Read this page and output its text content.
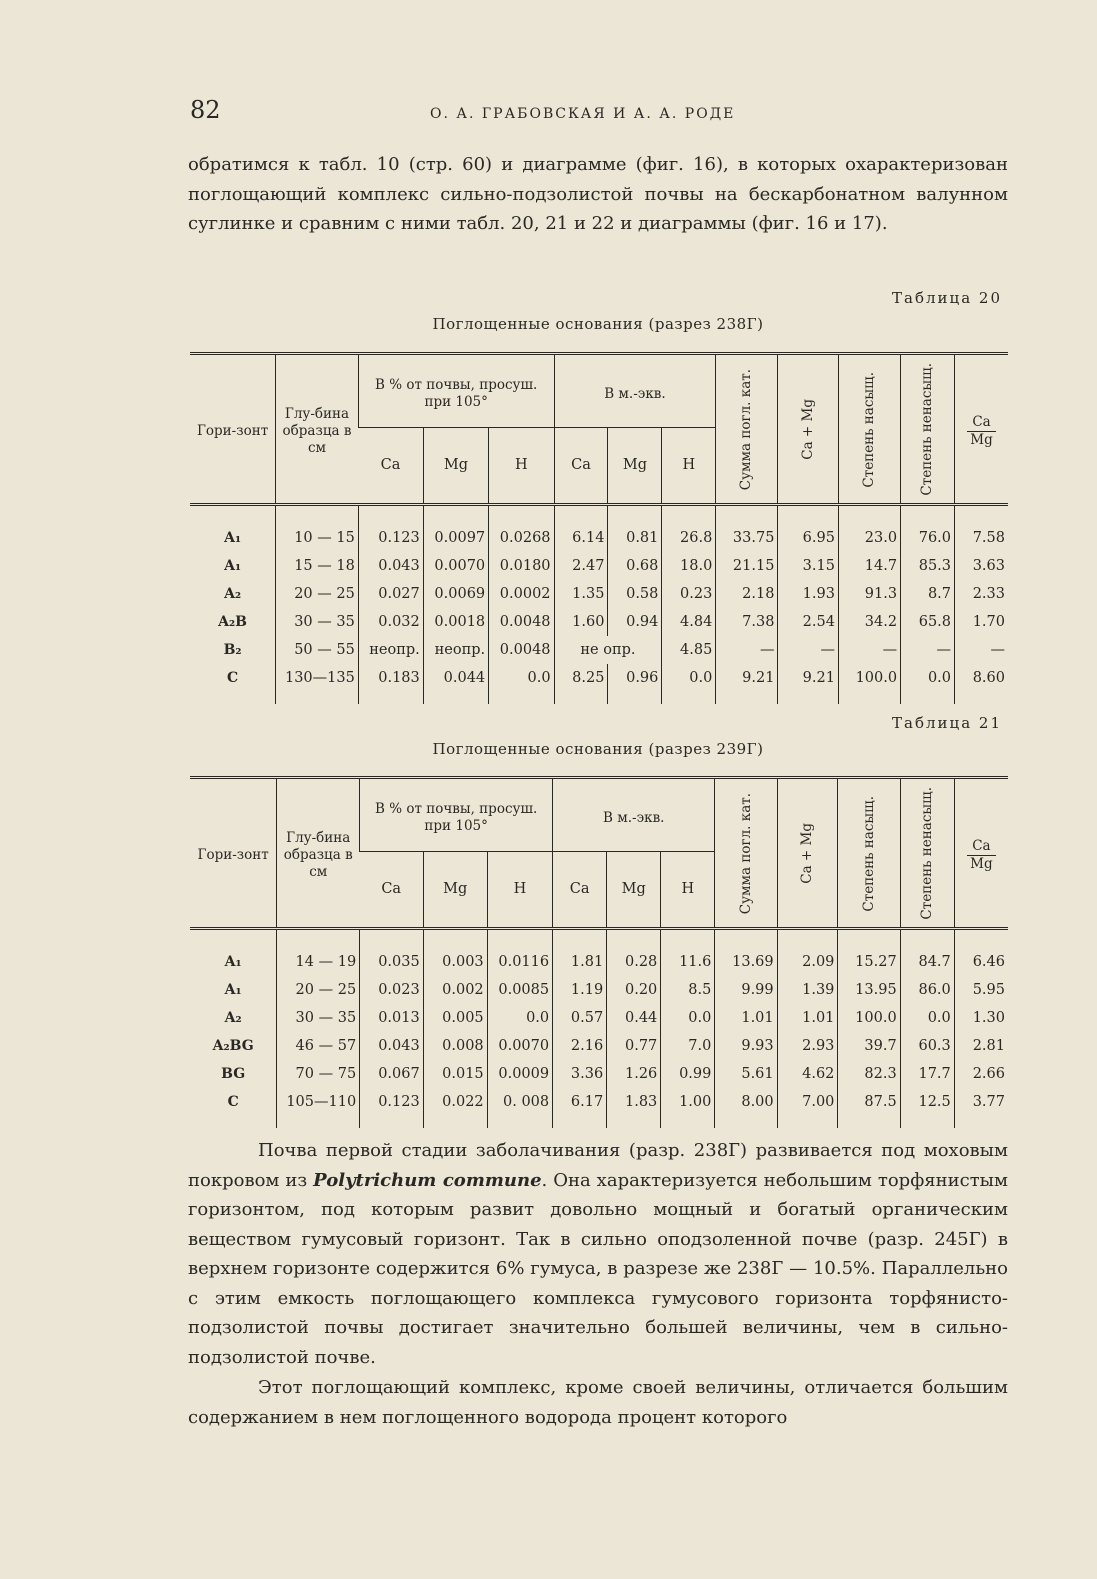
82	О. А. ГРАБОВСКАЯ И А. А. РОДЕ

обратимся к табл. 10 (стр. 60) и диаграмме (фиг. 16), в которых охарактеризован поглощающий комплекс сильно-подзолистой почвы на бескарбонатном валунном суглинке и сравним с ними табл. 20, 21 и 22 и диаграммы (фиг. 16 и 17).

Таблица 20
Поглощенные основания (разрез 238Г)
Гори-зонт	Глу-бина образца в см	В % от почвы, просуш. при 105°			В м.-экв.			Сумма погл. кат.	Ca + Mg	Степень насыщ.	Степень ненасыщ.	Ca
Mg
		Ca	Mg	H	Ca	Mg	H					
A₁	10 — 15	0.123	0.0097	0.0268	6.14	0.81	26.8	33.75	6.95	23.0	76.0	7.58
A₁	15 — 18	0.043	0.0070	0.0180	2.47	0.68	18.0	21.15	3.15	14.7	85.3	3.63
A₂	20 — 25	0.027	0.0069	0.0002	1.35	0.58	0.23	2.18	1.93	91.3	8.7	2.33
A₂B	30 — 35	0.032	0.0018	0.0048	1.60	0.94	4.84	7.38	2.54	34.2	65.8	1.70
B₂	50 — 55	неопр.	неопр.	0.0048	не опр.		4.85	—	—	—	—	—
C	130—135	0.183	0.044	0.0	8.25	0.96	0.0	9.21	9.21	100.0	0.0	8.60
Таблица 21
Поглощенные основания (разрез 239Г)
Гори-зонт	Глу-бина образца в см	В % от почвы, просуш. при 105°			В м.-экв.			Сумма погл. кат.	Ca + Mg	Степень насыщ.	Степень ненасыщ.	Ca
Mg
		Ca	Mg	H	Ca	Mg	H					
A₁	14 — 19	0.035	0.003	0.0116	1.81	0.28	11.6	13.69	2.09	15.27	84.7	6.46
A₁	20 — 25	0.023	0.002	0.0085	1.19	0.20	8.5	9.99	1.39	13.95	86.0	5.95
A₂	30 — 35	0.013	0.005	0.0	0.57	0.44	0.0	1.01	1.01	100.0	0.0	1.30
A₂BG	46 — 57	0.043	0.008	0.0070	2.16	0.77	7.0	9.93	2.93	39.7	60.3	2.81
BG	70 — 75	0.067	0.015	0.0009	3.36	1.26	0.99	5.61	4.62	82.3	17.7	2.66
C	105—110	0.123	0.022	0. 008	6.17	1.83	1.00	8.00	7.00	87.5	12.5	3.77

Почва первой стадии заболачивания (разр. 238Г) развивается под моховым покровом из Polytrichum commune. Она характеризуется небольшим торфянистым горизонтом, под которым развит довольно мощный и богатый органическим веществом гумусовый горизонт. Так в сильно оподзоленной почве (разр. 245Г) в верхнем горизонте содержится 6% гумуса, в разрезе же 238Г — 10.5%. Параллельно с этим емкость поглощающего комплекса гумусового горизонта торфянисто-подзолистой почвы достигает значительно большей величины, чем в сильно-подзолистой почве.

Этот поглощающий комплекс, кроме своей величины, отличается большим содержанием в нем поглощенного водорода процент которого
